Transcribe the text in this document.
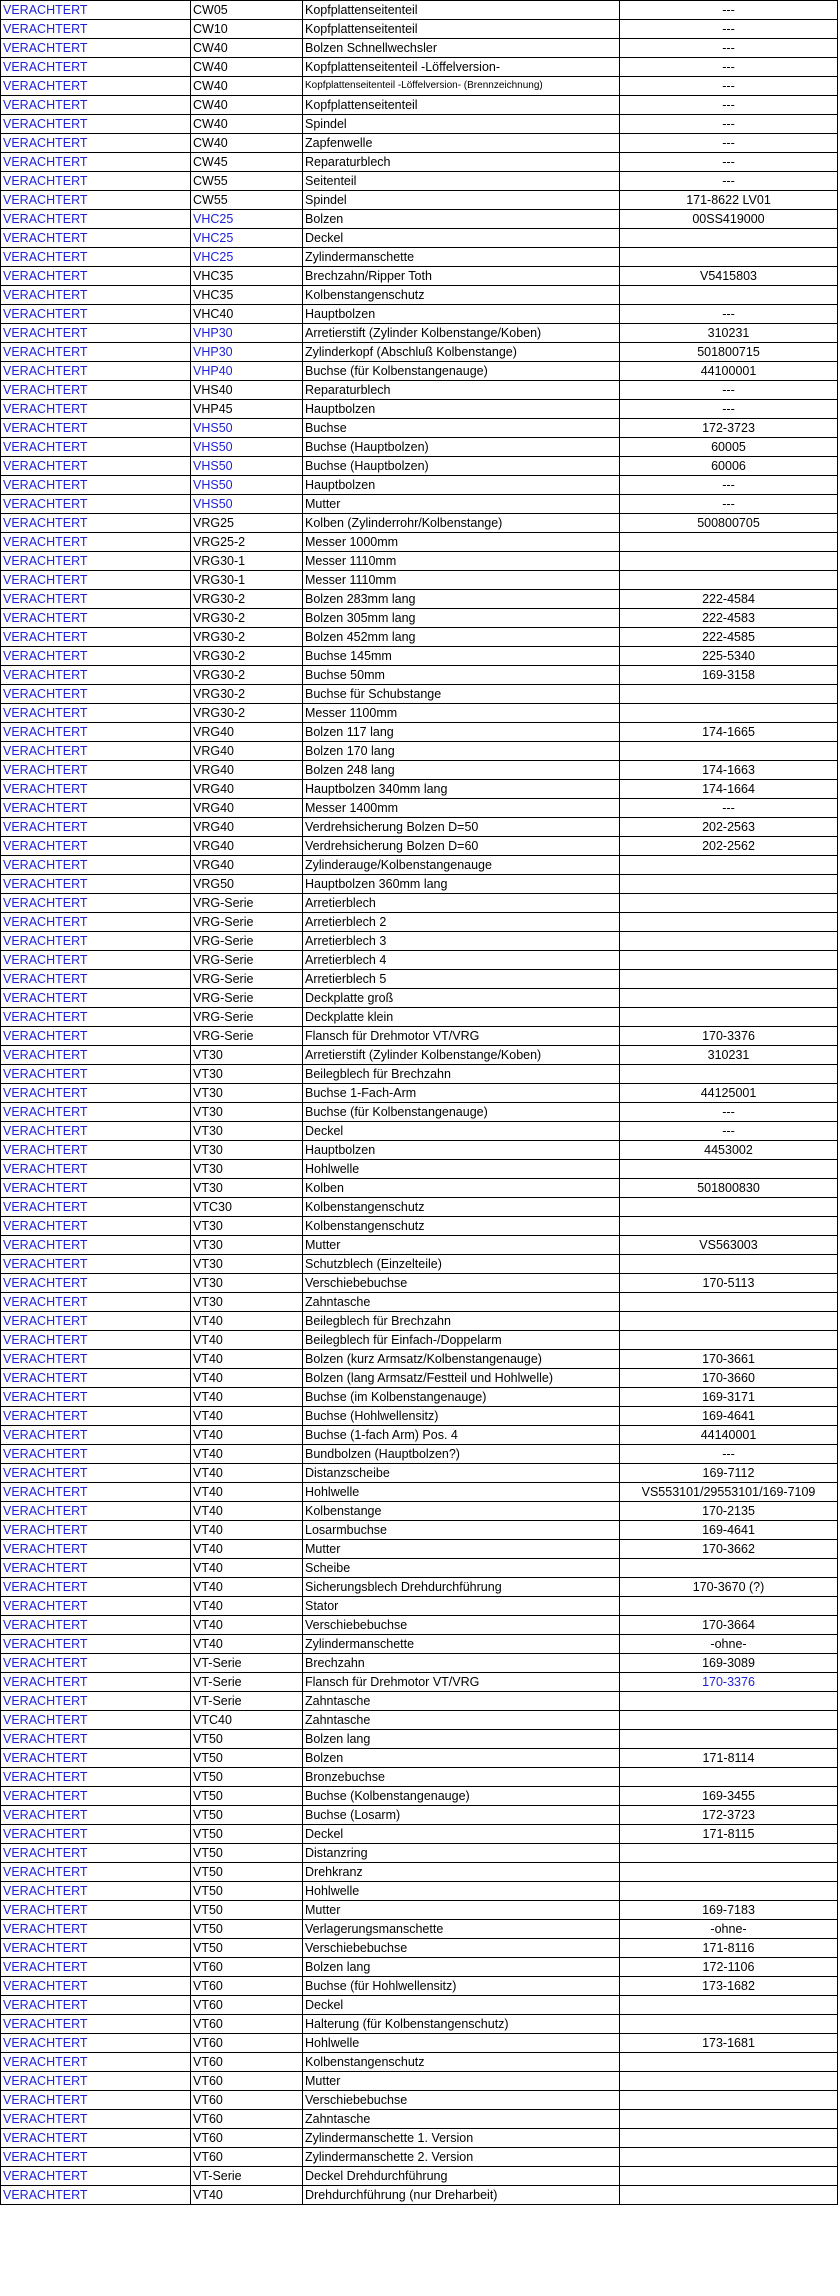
VERACHTERT	CW05	Kopfplattenseitenteil	---
VERACHTERT	CW10	Kopfplattenseitenteil	---
VERACHTERT	CW40	Bolzen Schnellwechsler	---
VERACHTERT	CW40	Kopfplattenseitenteil -Löffelversion-	---
VERACHTERT	CW40	Kopfplattenseitenteil -Löffelversion- (Brennzeichnung)	---
VERACHTERT	CW40	Kopfplattenseitenteil	---
VERACHTERT	CW40	Spindel	---
VERACHTERT	CW40	Zapfenwelle	---
VERACHTERT	CW45	Reparaturblech	---
VERACHTERT	CW55	Seitenteil	---
VERACHTERT	CW55	Spindel	171-8622 LV01
VERACHTERT	VHC25	Bolzen	00SS419000
VERACHTERT	VHC25	Deckel	
VERACHTERT	VHC25	Zylindermanschette	
VERACHTERT	VHC35	Brechzahn/Ripper Toth	V5415803
VERACHTERT	VHC35	Kolbenstangenschutz	
VERACHTERT	VHC40	Hauptbolzen	---
VERACHTERT	VHP30	Arretierstift (Zylinder Kolbenstange/Koben)	310231
VERACHTERT	VHP30	Zylinderkopf (Abschluß Kolbenstange)	501800715
VERACHTERT	VHP40	Buchse (für Kolbenstangenauge)	44100001
VERACHTERT	VHS40	Reparaturblech	---
VERACHTERT	VHP45	Hauptbolzen	---
VERACHTERT	VHS50	Buchse	172-3723
VERACHTERT	VHS50	Buchse (Hauptbolzen)	60005
VERACHTERT	VHS50	Buchse (Hauptbolzen)	60006
VERACHTERT	VHS50	Hauptbolzen	---
VERACHTERT	VHS50	Mutter	---
VERACHTERT	VRG25	Kolben (Zylinderrohr/Kolbenstange)	500800705
VERACHTERT	VRG25-2	Messer 1000mm	
VERACHTERT	VRG30-1	Messer 1110mm	
VERACHTERT	VRG30-1	Messer 1110mm	
VERACHTERT	VRG30-2	Bolzen 283mm lang	222-4584
VERACHTERT	VRG30-2	Bolzen 305mm lang	222-4583
VERACHTERT	VRG30-2	Bolzen 452mm lang	222-4585
VERACHTERT	VRG30-2	Buchse 145mm	225-5340
VERACHTERT	VRG30-2	Buchse 50mm	169-3158
VERACHTERT	VRG30-2	Buchse für Schubstange	
VERACHTERT	VRG30-2	Messer 1100mm	
VERACHTERT	VRG40	Bolzen 117 lang	174-1665
VERACHTERT	VRG40	Bolzen 170 lang	
VERACHTERT	VRG40	Bolzen 248 lang	174-1663
VERACHTERT	VRG40	Hauptbolzen 340mm lang	174-1664
VERACHTERT	VRG40	Messer 1400mm	---
VERACHTERT	VRG40	Verdrehsicherung Bolzen D=50	202-2563
VERACHTERT	VRG40	Verdrehsicherung Bolzen D=60	202-2562
VERACHTERT	VRG40	Zylinderauge/Kolbenstangenauge	
VERACHTERT	VRG50	Hauptbolzen 360mm lang	
VERACHTERT	VRG-Serie	Arretierblech	
VERACHTERT	VRG-Serie	Arretierblech 2	
VERACHTERT	VRG-Serie	Arretierblech 3	
VERACHTERT	VRG-Serie	Arretierblech 4	
VERACHTERT	VRG-Serie	Arretierblech 5	
VERACHTERT	VRG-Serie	Deckplatte groß	
VERACHTERT	VRG-Serie	Deckplatte klein	
VERACHTERT	VRG-Serie	Flansch für Drehmotor VT/VRG	170-3376
VERACHTERT	VT30	Arretierstift (Zylinder Kolbenstange/Koben)	310231
VERACHTERT	VT30	Beilegblech für Brechzahn	
VERACHTERT	VT30	Buchse 1-Fach-Arm	44125001
VERACHTERT	VT30	Buchse (für Kolbenstangenauge)	---
VERACHTERT	VT30	Deckel	---
VERACHTERT	VT30	Hauptbolzen	4453002
VERACHTERT	VT30	Hohlwelle	
VERACHTERT	VT30	Kolben	501800830
VERACHTERT	VTC30	Kolbenstangenschutz	
VERACHTERT	VT30	Kolbenstangenschutz	
VERACHTERT	VT30	Mutter	VS563003
VERACHTERT	VT30	Schutzblech (Einzelteile)	
VERACHTERT	VT30	Verschiebebuchse	170-5113
VERACHTERT	VT30	Zahntasche	
VERACHTERT	VT40	Beilegblech für Brechzahn	
VERACHTERT	VT40	Beilegblech für Einfach-/Doppelarm	
VERACHTERT	VT40	Bolzen (kurz Armsatz/Kolbenstangenauge)	170-3661
VERACHTERT	VT40	Bolzen (lang Armsatz/Festteil und Hohlwelle)	170-3660
VERACHTERT	VT40	Buchse (im Kolbenstangenauge)	169-3171
VERACHTERT	VT40	Buchse (Hohlwellensitz)	169-4641
VERACHTERT	VT40	Buchse (1-fach Arm) Pos. 4	44140001
VERACHTERT	VT40	Bundbolzen (Hauptbolzen?)	---
VERACHTERT	VT40	Distanzscheibe	169-7112
VERACHTERT	VT40	Hohlwelle	VS553101/29553101/169-7109
VERACHTERT	VT40	Kolbenstange	170-2135
VERACHTERT	VT40	Losarmbuchse	169-4641
VERACHTERT	VT40	Mutter	170-3662
VERACHTERT	VT40	Scheibe	
VERACHTERT	VT40	Sicherungsblech Drehdurchführung	170-3670 (?)
VERACHTERT	VT40	Stator	
VERACHTERT	VT40	Verschiebebuchse	170-3664
VERACHTERT	VT40	Zylindermanschette	-ohne-
VERACHTERT	VT-Serie	Brechzahn	169-3089
VERACHTERT	VT-Serie	Flansch für Drehmotor VT/VRG	170-3376
VERACHTERT	VT-Serie	Zahntasche	
VERACHTERT	VTC40	Zahntasche	
VERACHTERT	VT50	Bolzen lang	
VERACHTERT	VT50	Bolzen	171-8114
VERACHTERT	VT50	Bronzebuchse	
VERACHTERT	VT50	Buchse (Kolbenstangenauge)	169-3455
VERACHTERT	VT50	Buchse (Losarm)	172-3723
VERACHTERT	VT50	Deckel	171-8115
VERACHTERT	VT50	Distanzring	
VERACHTERT	VT50	Drehkranz	
VERACHTERT	VT50	Hohlwelle	
VERACHTERT	VT50	Mutter	169-7183
VERACHTERT	VT50	Verlagerungsmanschette	-ohne-
VERACHTERT	VT50	Verschiebebuchse	171-8116
VERACHTERT	VT60	Bolzen lang	172-1106
VERACHTERT	VT60	Buchse (für Hohlwellensitz)	173-1682
VERACHTERT	VT60	Deckel	
VERACHTERT	VT60	Halterung (für Kolbenstangenschutz)	
VERACHTERT	VT60	Hohlwelle	173-1681
VERACHTERT	VT60	Kolbenstangenschutz	
VERACHTERT	VT60	Mutter	
VERACHTERT	VT60	Verschiebebuchse	
VERACHTERT	VT60	Zahntasche	
VERACHTERT	VT60	Zylindermanschette 1. Version	
VERACHTERT	VT60	Zylindermanschette 2. Version	
VERACHTERT	VT-Serie	Deckel Drehdurchführung	
VERACHTERT	VT40	Drehdurchführung (nur Dreharbeit)	
